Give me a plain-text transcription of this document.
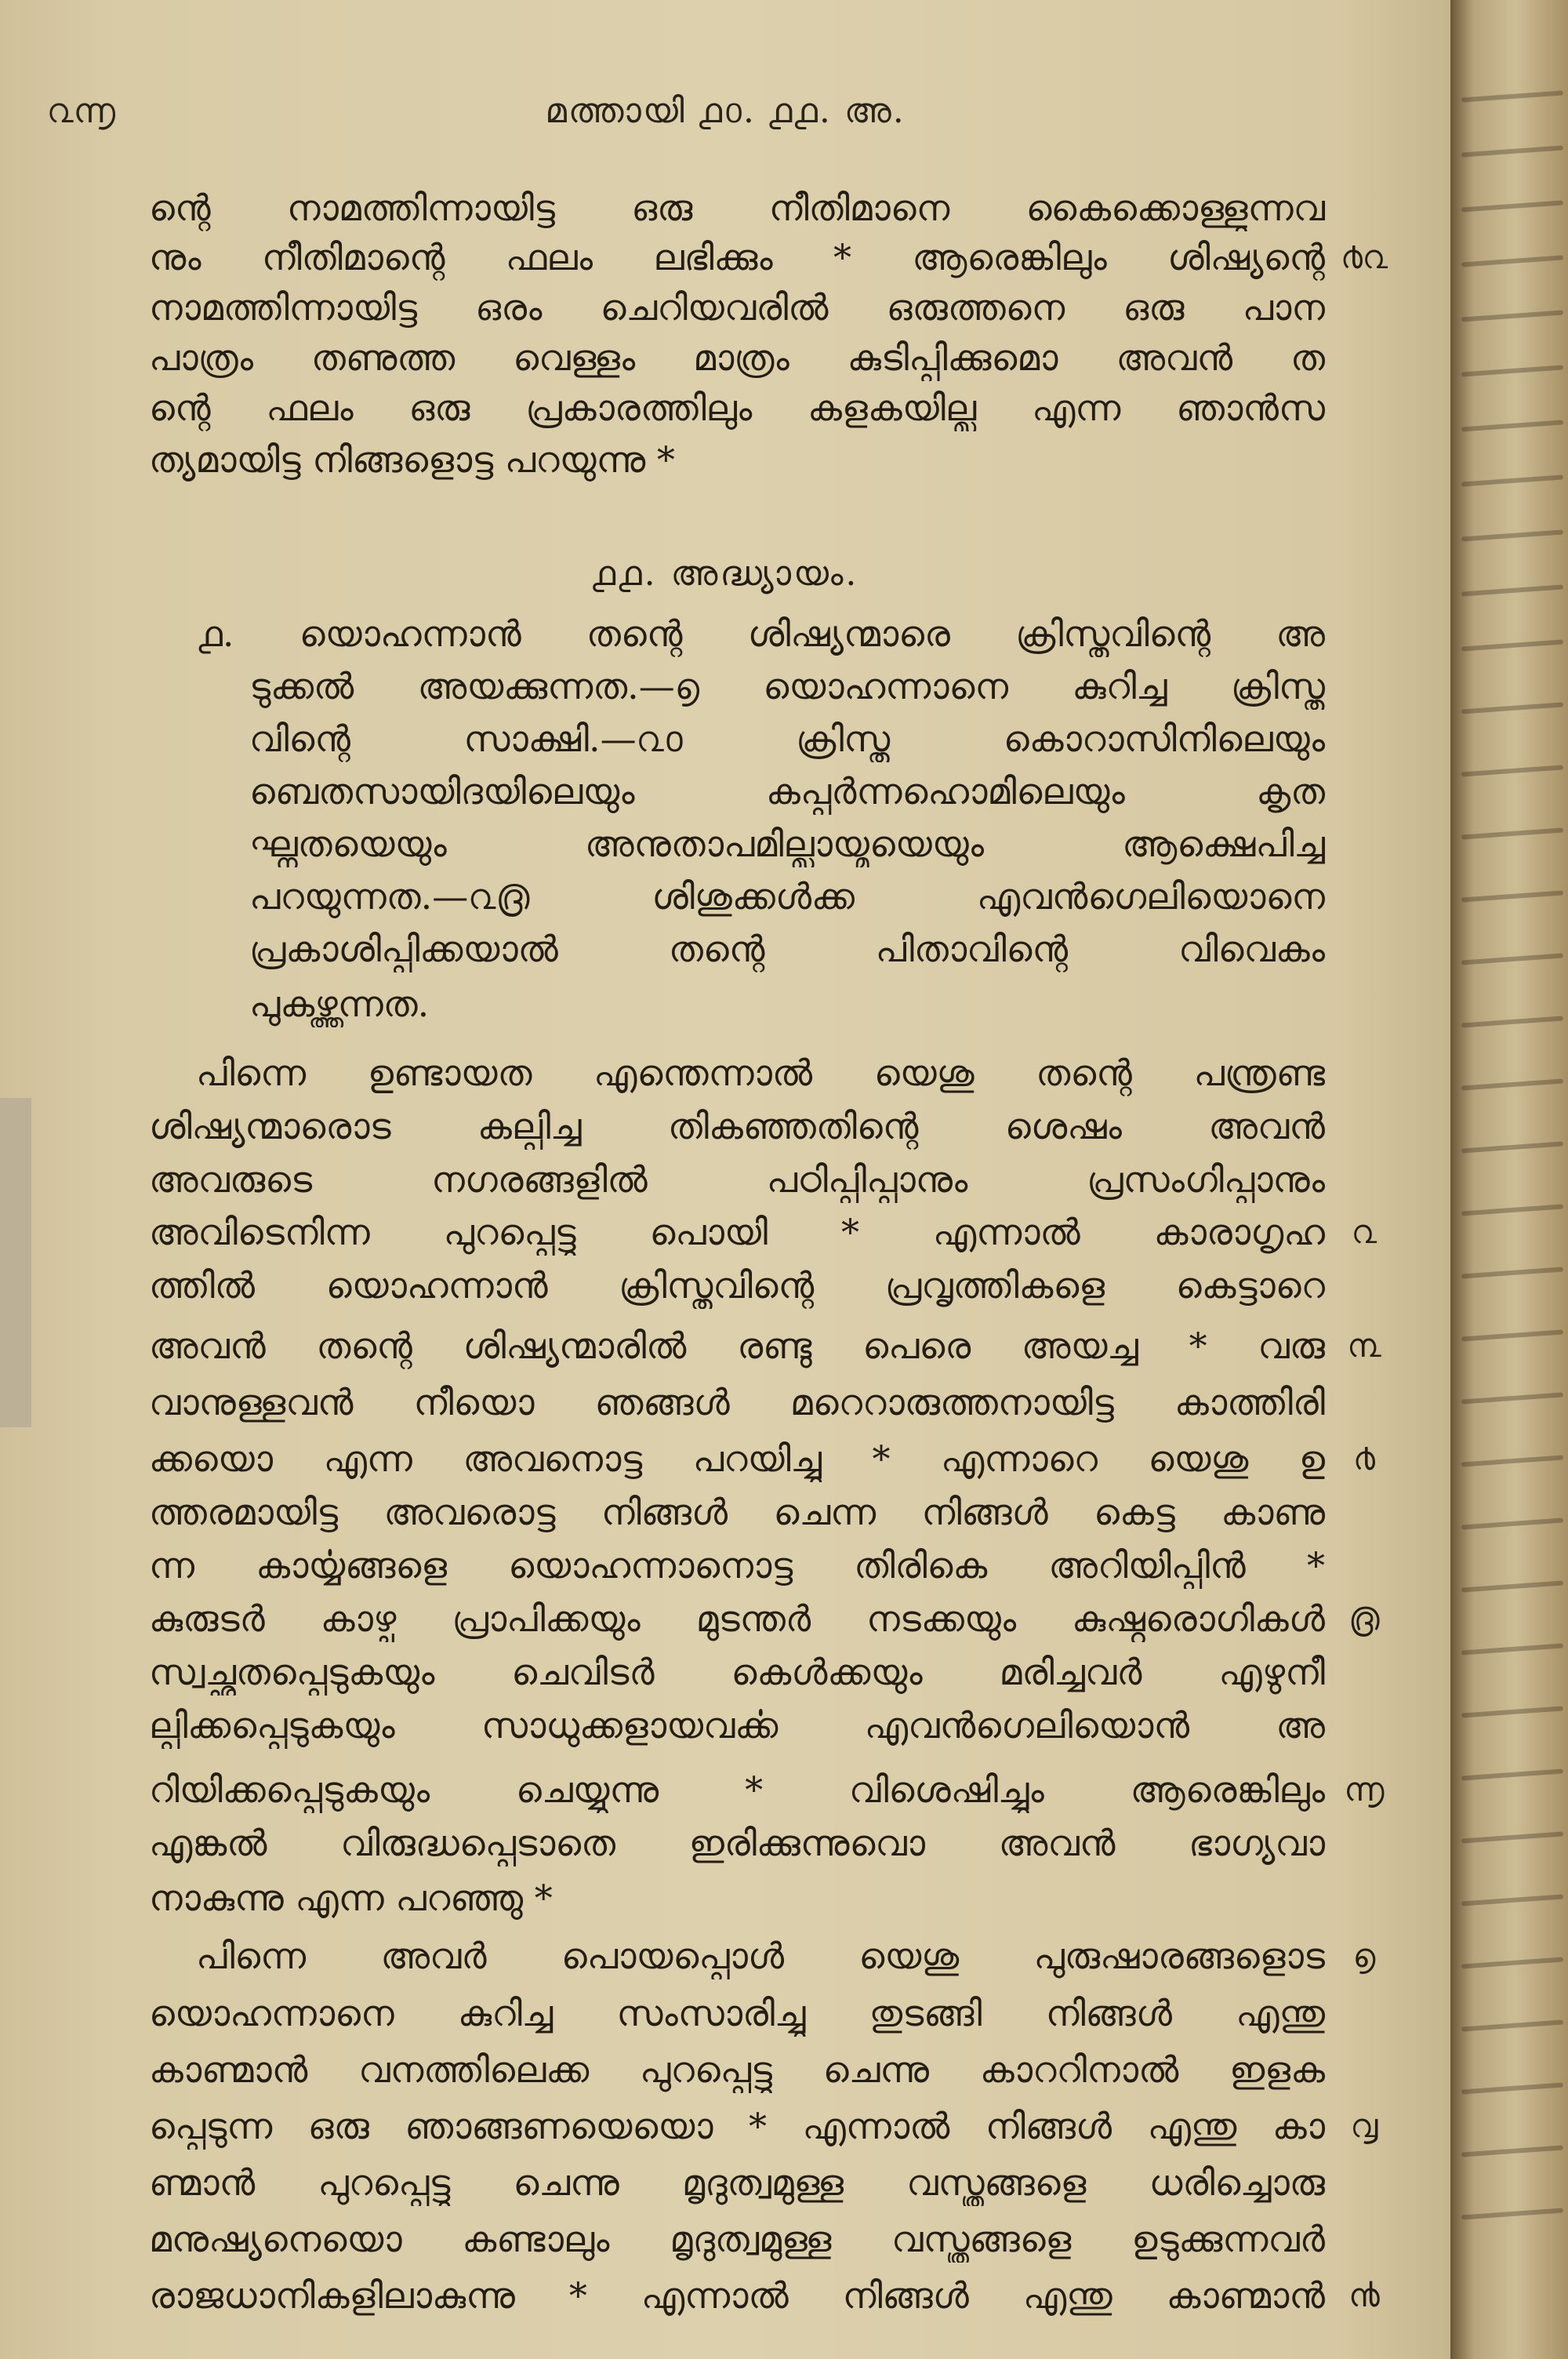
൨൬	മത്തായി ൧൦. ൧൧. അ.
ന്റെ നാമത്തിന്നായിട്ട ഒരു നീതിമാനെ കൈക്കൊള്ളുന്നവ
നും നീതിമാന്റെ ഫലം ലഭിക്കും * ആരെങ്കിലും ശിഷ്യന്റെ ൪൨
നാമത്തിന്നായിട്ട ഒരം ചെറിയവരിൽ ഒരുത്തനെ ഒരു പാന
പാത്രം തണുത്ത വെള്ളം മാത്രം കുടിപ്പിക്കുമൊ അവൻ ത
ന്റെ ഫലം ഒരു പ്രകാരത്തിലും കളകയില്ല എന്ന ഞാൻസ
ത്യമായിട്ട നിങ്ങളൊട്ട പറയുന്നു *
൧൧. അദ്ധ്യായം.
൧. യൊഹന്നാൻ തന്റെ ശിഷ്യന്മാരെ ക്രിസ്തുവിന്റെ അ
ടുക്കൽ അയക്കുന്നത.—൭ യൊഹന്നാനെ കുറിച്ച ക്രിസ്തു
വിന്റെ സാക്ഷി.—൨൦ ക്രിസ്തു കൊറാസിനിലെയും
ബെതസായിദയിലെയും കപ്പർന്നഹൊമിലെയും കൃത
ഘ്നതയെയും അനുതാപമില്ലായ്മയെയും ആക്ഷെപിച്ച
പറയുന്നത.—൨൫ ശിശുക്കൾക്ക എവൻഗെലിയൊനെ
പ്രകാശിപ്പിക്കയാൽ തന്റെ പിതാവിന്റെ വിവെകം
പുകഴ്ത്തുന്നത.
പിന്നെ ഉണ്ടായത എന്തെന്നാൽ യെശു തന്റെ പന്ത്രണ്ട
ശിഷ്യന്മാരൊട കല്പിച്ച തികഞ്ഞതിന്റെ ശെഷം അവൻ
അവരുടെ നഗരങ്ങളിൽ പഠിപ്പിപ്പാനും പ്രസംഗിപ്പാനും
അവിടെനിന്ന പുറപ്പെട്ടു പൊയി * എന്നാൽ കാരാഗൃഹ ൨
ത്തിൽ യൊഹന്നാൻ ക്രിസ്തുവിന്റെ പ്രവൃത്തികളെ കെട്ടാറെ
അവൻ തന്റെ ശിഷ്യന്മാരിൽ രണ്ടു പെരെ അയച്ച * വരു ൩
വാനുള്ളവൻ നീയൊ ഞങ്ങൾ മറെറാരുത്തനായിട്ട കാത്തിരി
ക്കയൊ എന്ന അവനൊട്ട പറയിച്ചു * എന്നാറെ യെശു ഉ ൪
ത്തരമായിട്ട അവരൊട്ട നിങ്ങൾ ചെന്ന നിങ്ങൾ കെട്ട കാണു
ന്ന കാൎയ്യങ്ങളെ യൊഹന്നാനൊട്ട തിരികെ അറിയിപ്പിൻ *
കുരുടർ കാഴ്ച പ്രാപിക്കയും മുടന്തർ നടക്കയും കുഷ്ഠരൊഗികൾ ൫
സ്വച്ഛതപ്പെടുകയും ചെവിടർ കെൾക്കയും മരിച്ചവർ എഴുനീ
ല്പിക്കപ്പെടുകയും സാധുക്കളായവൎക്ക എവൻഗെലിയൊൻ അ
റിയിക്കപ്പെടുകയും ചെയ്യുന്നു * വിശെഷിച്ചും ആരെങ്കിലും ൬
എങ്കൽ വിരുദ്ധപ്പെടാതെ ഇരിക്കുന്നുവൊ അവൻ ഭാഗ്യവാ
നാകുന്നു എന്ന പറഞ്ഞു *
പിന്നെ അവർ പൊയപ്പൊൾ യെശു പുരുഷാരങ്ങളൊട ൭
യൊഹന്നാനെ കുറിച്ച സംസാരിച്ചു തുടങ്ങി നിങ്ങൾ എന്തു
കാണ്മാൻ വനത്തിലെക്ക പുറപ്പെട്ടു ചെന്നു കാററിനാൽ ഇളക
പ്പെടുന്ന ഒരു ഞാങ്ങണയെയൊ * എന്നാൽ നിങ്ങൾ എന്തു കാ ൮
ണ്മാൻ പുറപ്പെട്ടു ചെന്നു മൃദുത്വമുള്ള വസ്ത്രങ്ങളെ ധരിച്ചൊരു
മനുഷ്യനെയൊ കണ്ടാലും മൃദുത്വമുള്ള വസ്ത്രങ്ങളെ ഉടുക്കുന്നവർ
രാജധാനികളിലാകുന്നു * എന്നാൽ നിങ്ങൾ എന്തു കാണ്മാൻ ൯
